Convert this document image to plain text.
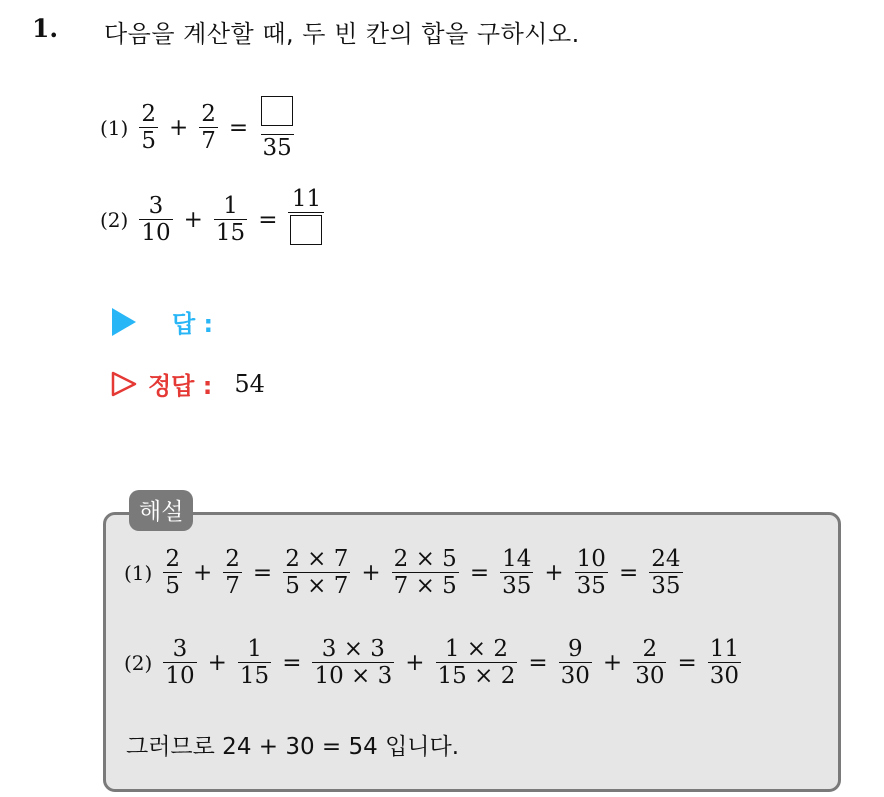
1. 다음을 계산할 때, 두 빈 칸의 합을 구하시오.
$(1) \frac{2}{5} + \frac{2}{7}$ =
35
$(2) \frac{3}{10} + \frac{1}{15}$ =
11
답 :
정답 : 54
해설
$(1) \frac{2}{5} + \frac{2}{7} = \frac{2 \times 7}{5 \times 7} + \frac{2 \times 5}{7 \times 5} = \frac{14}{35} + \frac{10}{35} = \frac{24}{35}$
$(2) \frac{3}{10} + \frac{1}{15} = \frac{3 \times 3}{10 \times 3} + \frac{1 \times 2}{15 \times 2} = \frac{9}{30} + \frac{2}{30} = \frac{11}{30}$
그러므로 24 + 30 = 54 입니다.
